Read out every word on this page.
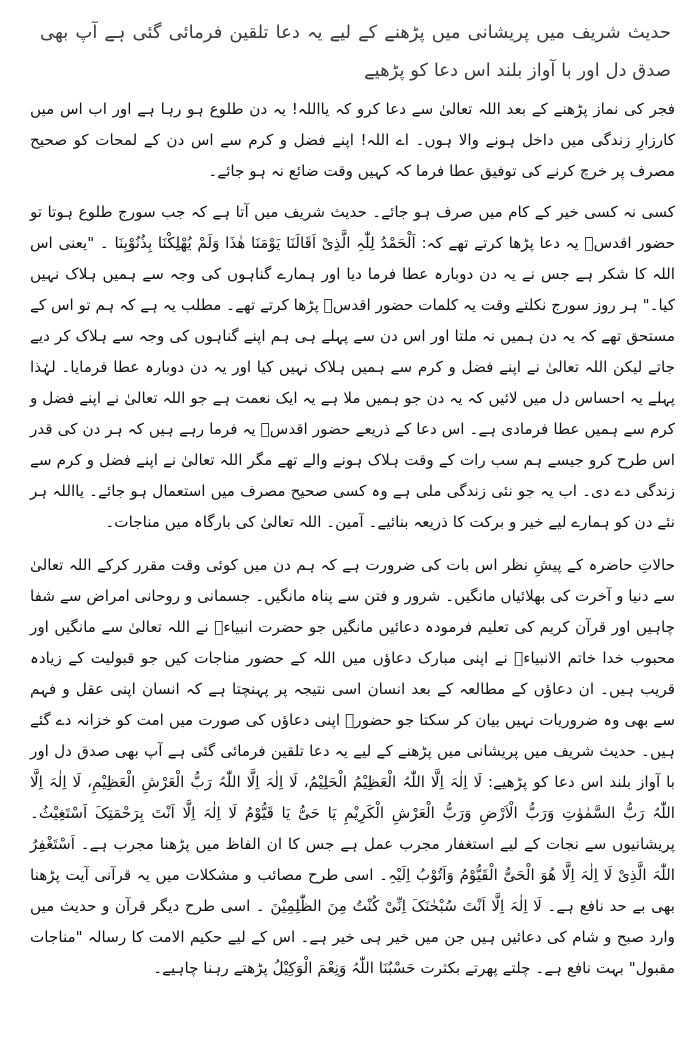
حدیث شریف میں پریشانی میں پڑھنے کے لیے یہ دعا تلقین فرمائی گئی ہے آپ بھی صدق دل اور با آواز بلند اس دعا کو پڑھیے

فجر کی نماز پڑھنے کے بعد اللہ تعالیٰ سے دعا کرو کہ یااللہ! یہ دن طلوع ہو رہا ہے اور اب اس میں کارزارِ زندگی میں داخل ہونے والا ہوں۔ اے اللہ! اپنے فضل و کرم سے اس دن کے لمحات کو صحیح مصرف پر خرچ کرنے کی توفیق عطا فرما کہ کہیں وقت ضائع نہ ہو جائے۔

کسی نہ کسی خیر کے کام میں صرف ہو جائے۔ حدیث شریف میں آتا ہے کہ جب سورج طلوع ہوتا تو حضور اقدسؐ یہ دعا پڑھا کرتے تھے کہ: اَلْحَمْدُ لِلّٰہِ الَّذِیْ اَقَالَنَا یَوْمَنَا ھٰذَا وَلَمْ یُھْلِکْنَا بِذُنُوْبِنَا ۔ "یعنی اس اللہ کا شکر ہے جس نے یہ دن دوبارہ عطا فرما دیا اور ہمارے گناہوں کی وجہ سے ہمیں ہلاک نہیں کیا۔" ہر روز سورج نکلتے وقت یہ کلمات حضور اقدسؐ پڑھا کرتے تھے۔ مطلب یہ ہے کہ ہم تو اس کے مستحق تھے کہ یہ دن ہمیں نہ ملتا اور اس دن سے پہلے ہی ہم اپنے گناہوں کی وجہ سے ہلاک کر دیے جاتے لیکن اللہ تعالیٰ نے اپنے فضل و کرم سے ہمیں ہلاک نہیں کیا اور یہ دن دوبارہ عطا فرمایا۔ لہٰذا پہلے یہ احساس دل میں لائیں کہ یہ دن جو ہمیں ملا ہے یہ ایک نعمت ہے جو اللہ تعالیٰ نے اپنے فضل و کرم سے ہمیں عطا فرمادی ہے۔ اس دعا کے ذریعے حضور اقدسؐ یہ فرما رہے ہیں کہ ہر دن کی قدر اس طرح کرو جیسے ہم سب رات کے وقت ہلاک ہونے والے تھے مگر اللہ تعالیٰ نے اپنے فضل و کرم سے زندگی دے دی۔ اب یہ جو نئی زندگی ملی ہے وہ کسی صحیح مصرف میں استعمال ہو جائے۔ یااللہ ہر نئے دن کو ہمارے لیے خیر و برکت کا ذریعہ بنائیے۔ آمین۔ اللہ تعالیٰ کی بارگاہ میں مناجات۔

حالاتِ حاضرہ کے پیشِ نظر اس بات کی ضرورت ہے کہ ہم دن میں کوئی وقت مقرر کرکے اللہ تعالیٰ سے دنیا و آخرت کی بھلائیاں مانگیں۔ شرور و فتن سے پناہ مانگیں۔ جسمانی و روحانی امراض سے شفا چاہیں اور قرآن کریم کی تعلیم فرمودہ دعائیں مانگیں جو حضرت انبیاءؑ نے اللہ تعالیٰ سے مانگیں اور محبوب خدا خاتم الانبیاءؐ نے اپنی مبارک دعاؤں میں اللہ کے حضور مناجات کیں جو قبولیت کے زیادہ قریب ہیں۔ ان دعاؤں کے مطالعہ کے بعد انسان اسی نتیجہ پر پہنچتا ہے کہ انسان اپنی عقل و فہم سے بھی وہ ضروریات نہیں بیان کر سکتا جو حضورؐ اپنی دعاؤں کی صورت میں امت کو خزانہ دے گئے ہیں۔ حدیث شریف میں پریشانی میں پڑھنے کے لیے یہ دعا تلقین فرمائی گئی ہے آپ بھی صدق دل اور با آواز بلند اس دعا کو پڑھیے: لَا اِلٰہَ اِلَّا اللّٰہُ الْعَظِیْمُ الْحَلِیْمُ، لَا اِلٰہَ اِلَّا اللّٰہُ رَبُّ الْعَرْشِ الْعَظِیْمِ، لَا اِلٰہَ اِلَّا اللّٰہُ رَبُّ السَّمٰوٰتِ وَرَبُّ الْاَرْضِ وَرَبُّ الْعَرْشِ الْکَرِیْمِ یَا حَیُّ یَا قَیُّوْمُ لَا اِلٰہَ اِلَّا اَنْتَ بِرَحْمَتِکَ اَسْتَغِیْثُ۔ پریشانیوں سے نجات کے لیے استغفار مجرب عمل ہے جس کا ان الفاظ میں پڑھنا مجرب ہے۔ اَسْتَغْفِرُ اللّٰہَ الَّذِیْ لَا اِلٰہَ اِلَّا ھُوَ الْحَیُّ الْقَیُّوْمُ وَاَتُوْبُ اِلَیْہِ۔ اسی طرح مصائب و مشکلات میں یہ قرآنی آیت پڑھنا بھی بے حد نافع ہے۔ لَا اِلٰہَ اِلَّا اَنْتَ سُبْحٰنَکَ اِنِّیْ کُنْتُ مِنَ الظّٰلِمِیْنَ ۔ اسی طرح دیگر قرآن و حدیث میں وارد صبح و شام کی دعائیں ہیں جن میں خیر ہی خیر ہے۔ اس کے لیے حکیم الامت کا رسالہ "مناجات مقبول" بہت نافع ہے۔ چلتے پھرتے بکثرت حَسْبُنَا اللّٰہُ وَنِعْمَ الْوَکِیْلُ پڑھتے رہنا چاہیے۔
